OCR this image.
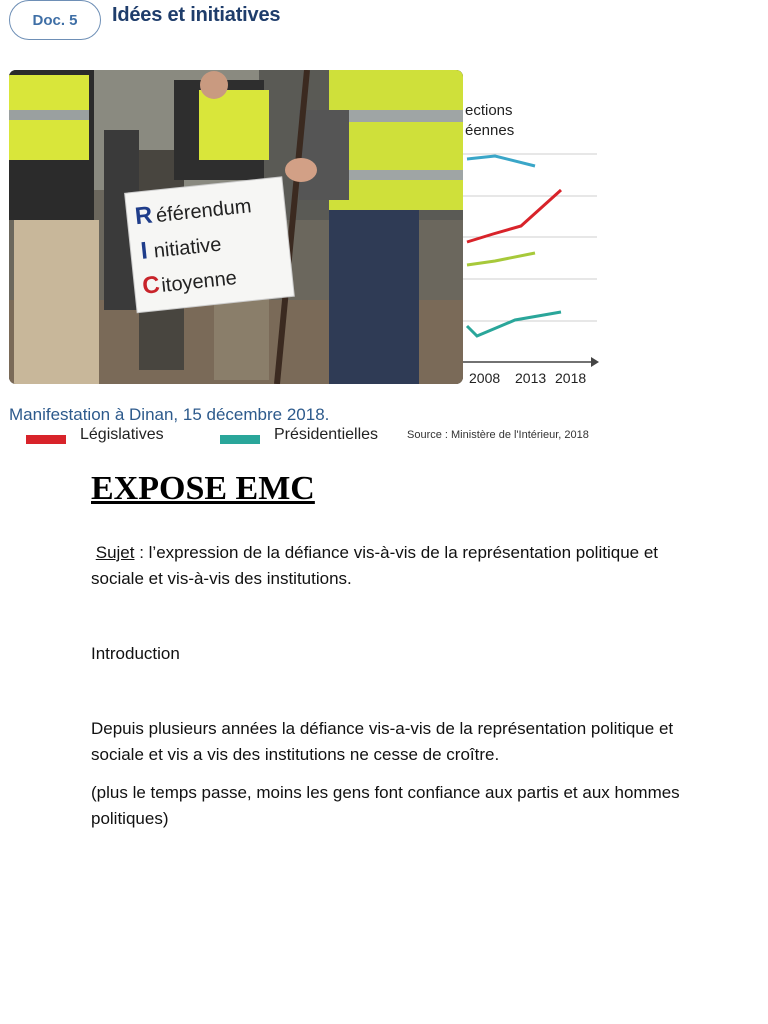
Doc. 5	Idées et initiatives
R éférendum
I nitiative
C itoyenne
ections
éennes
2008 2013 2018
Manifestation à Dinan, 15 décembre 2018.
Législatives	Présidentielles	Source : Ministère de l'Intérieur, 2018
EXPOSE EMC
Sujet : l’expression de la défiance vis-à-vis de la représentation politique et sociale et vis-à-vis des institutions.
Introduction
Depuis plusieurs années la défiance vis-a-vis de la représentation politique et sociale et vis a vis des institutions ne cesse de croître.
(plus le temps passe, moins les gens font confiance aux partis et aux hommes politiques)
